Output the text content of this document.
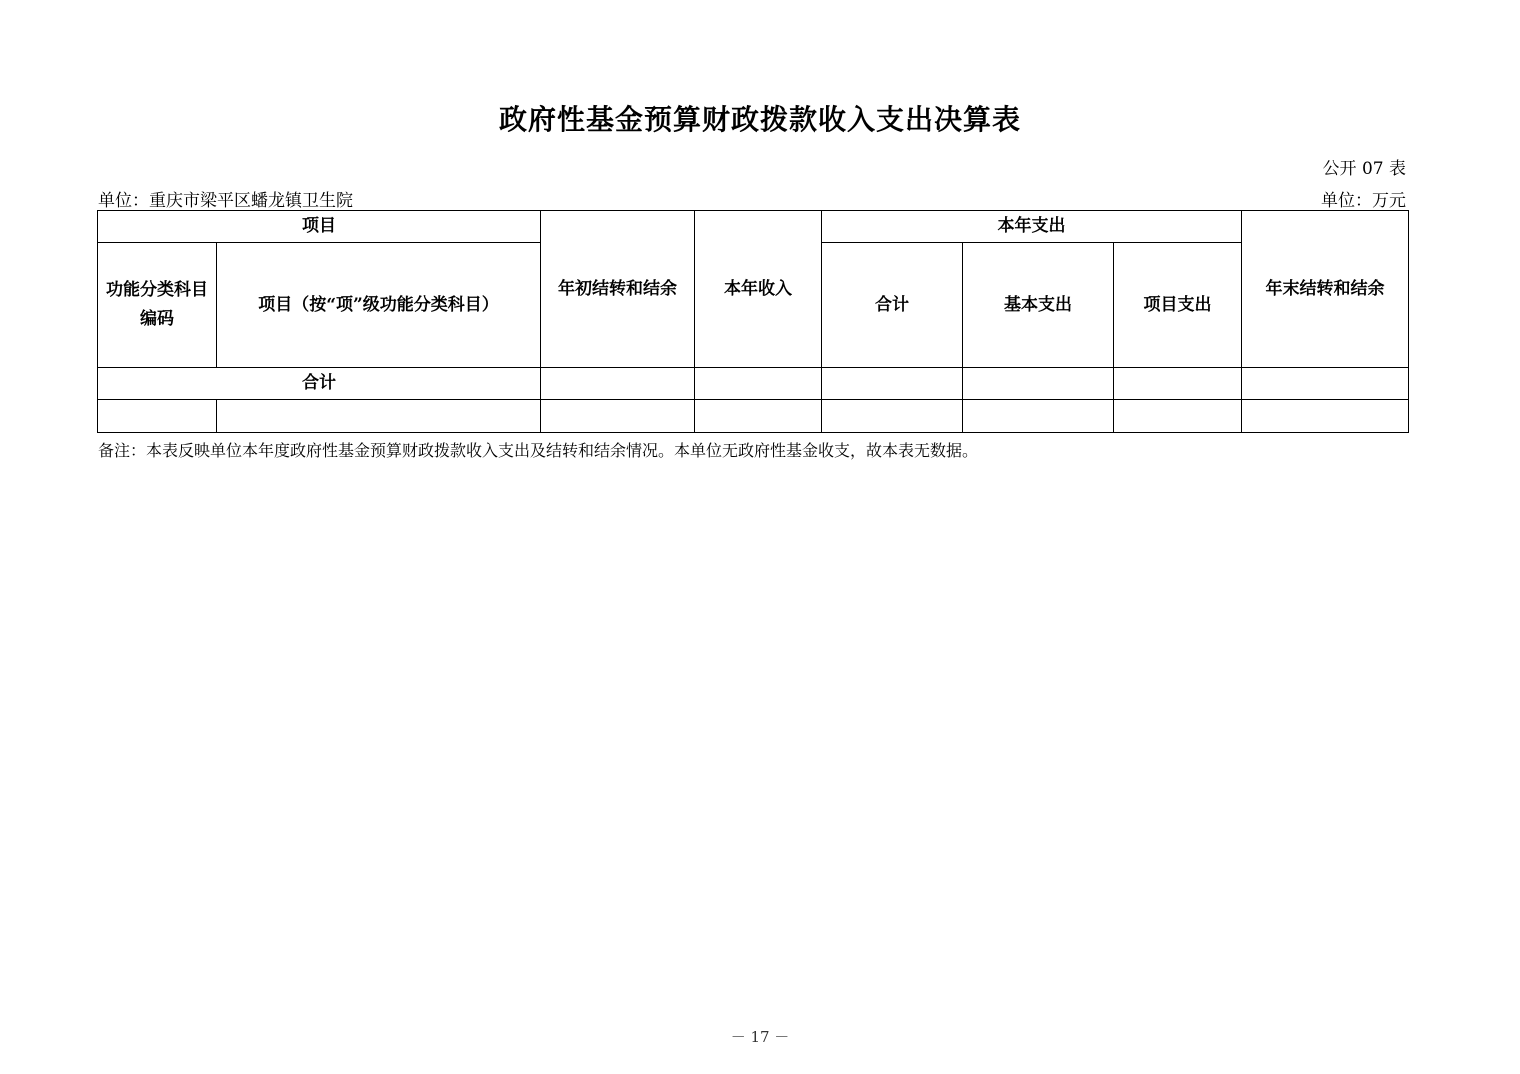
政府性基金预算财政拨款收入支出决算表
公开 07 表
单位：重庆市梁平区蟠龙镇卫生院	单位：万元
项目		年初结转和结余	本年收入	本年支出			年末结转和结余
功能分类科目编码	项目（按“项”级功能分类科目）			合计	基本支出	项目支出	
合计							

备注：本表反映单位本年度政府性基金预算财政拨款收入支出及结转和结余情况。本单位无政府性基金收支，故本表无数据。
－ 17 －
